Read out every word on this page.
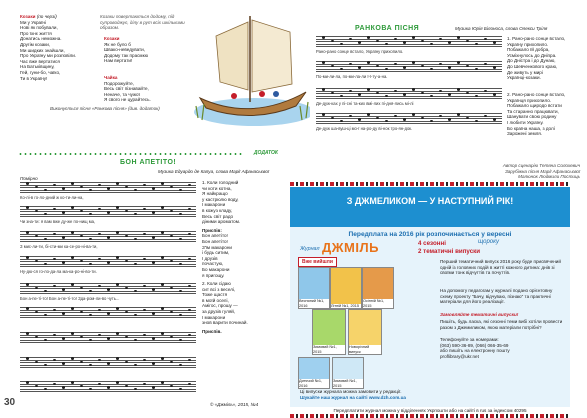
Козаки (по черзі)
Ми у Україні
Нові як побували,
Про їхнє життя
Донатись неможна.
Другім козаки,
Ми шидких знайшли,
Про Україну ми розповіли.
Час вже вертатися
На Батьківщину,
Гей, гуни-бо, чаїко,
Ти в Україну!
Козаки повертаються додому, під супроводжує, ділу в рут всіх шкількими образом.
Козаки
Як не було б
Швако-неведувати,
Додому так прасмкю
Нам вертати!
Чайка
Подорожуйте,
Весь світ пізнавайте,
Неначе, та чужої
Я свого не цурайтесь.
Виконується пісня «Ранкова пісня» (див. додаток)
РАНКОВА ПІСНЯ	Музика Юрія Білоноса, слова Олекси Тріля
Рано-рано сонце встало, Україну прихопило.
По-ми-ли-ла, по-ми-ла-ли ї-ї-ту-а-на.
Де-дуж-ках у пі-сні та-ких вмі-лих пі-дня-лись мі-лі
Де-дуж ша-вуш-ці мо-ї на-ро-ду ві-нок тро-ян-док.
1. Рано-рано сонце встало,
Україну прихопило.
Побажало їй добра,
Усміхнулось до Дніпра.
До Дністра і до Дунаю,
До Шевченкового краю,
Де живуть у мирі
Українці-козаки.
2. Рано-рано сонце встало,
Українця прихопило.
Побажало щиродо встати
Та старанно працювати,
Шанувати свою родину
І любити Україну.
Бо країна наша, з долі
Зарожені земля.
Автор сценарію Тетяна Солохевич
Зарубіжна пісня Марії Афанасьєвої
Малюнок Людмили Постиць
ДОДАТОК
БОН АПЕТІТО!
Музика Едуардо де Капуа, слова Марії Афанасьєвої
Помірно
Ко-лі-в го-ло-дний ж ко-ти-ли-на,
Чи зна-ти: я вам вже ду-же по-нищ ма,
З мис-ли-ти, бі-сти-ми ка-се-ро-ні-ва-ти,
Ну-дю-ся го-ло-да-ла ма-ка-ро-ні-во-ти.
Бон а-пе-ті-то! Бон а-пе-ті-то! Зда-ром-ли-во чуть...
1. Коли голодний
чи коти котна,
Я найкращо
у кастрюлю воду,
І макарони
в кожуз кладу,
Весь світ радо
діними ароматом.
Приспів:
Бон апетіто!
Бон апетіто!
З'їм макарони
і будь ситим,
І друзів
почастую,
Бо макарони
я пригощу.
2. Коли сідаю
сит всі з веселі,
Тоже щастя
в моїй оселі,
Амігос, прошу —
за друзів гуляй,
І макарони
знов варити починай.
Приспів.
30	© «Джміль», 2015, №4
З ДЖМЕЛИКОМ — У НАСТУПНИЙ РІК!
Передплата на 2016 рік розпочинається у вересні
Журнал ДЖМІЛЬ	4 сезонні
2 тематичні випуски
щороку
Вже вийшли
Весняний №1, 2016	Літній №1, 2015
Осінній №1, 2015
Зимовий №1, 2015
Новорічний випуск
Дитячий №1, 2016
Зимовий №1, 2015
Перший тематичний випуск 2016 року буде присвячений одній із головних подій в житті кожного дитина: днів зі своїми тонк відчуттів та почуттів.
На допомогу педагогам у журналі подано орієнтовну схему проекту "Бачу, відчуваю, пізнаю" та практичні матеріали для його реалізації.
Замовляйте тематичні випуски!
Пишіть, будь ласка, які сезонні теми вибі хотіли провести разом з Джемиликом, якою матеріали потрібні?
Телефонуйте за номерами:
(063) 590-36-89, (066) 066-35-69
або пишіть на електронну пошту
proflibrary@ukr.net
Ці випуски журнала можна замовити у редакції.
Шукайте наш журнал на сайті www.dzh.com.ua
Передплатити журнал можна у відділеннях Укрпошти або на сайті в rus за індексом 40295
